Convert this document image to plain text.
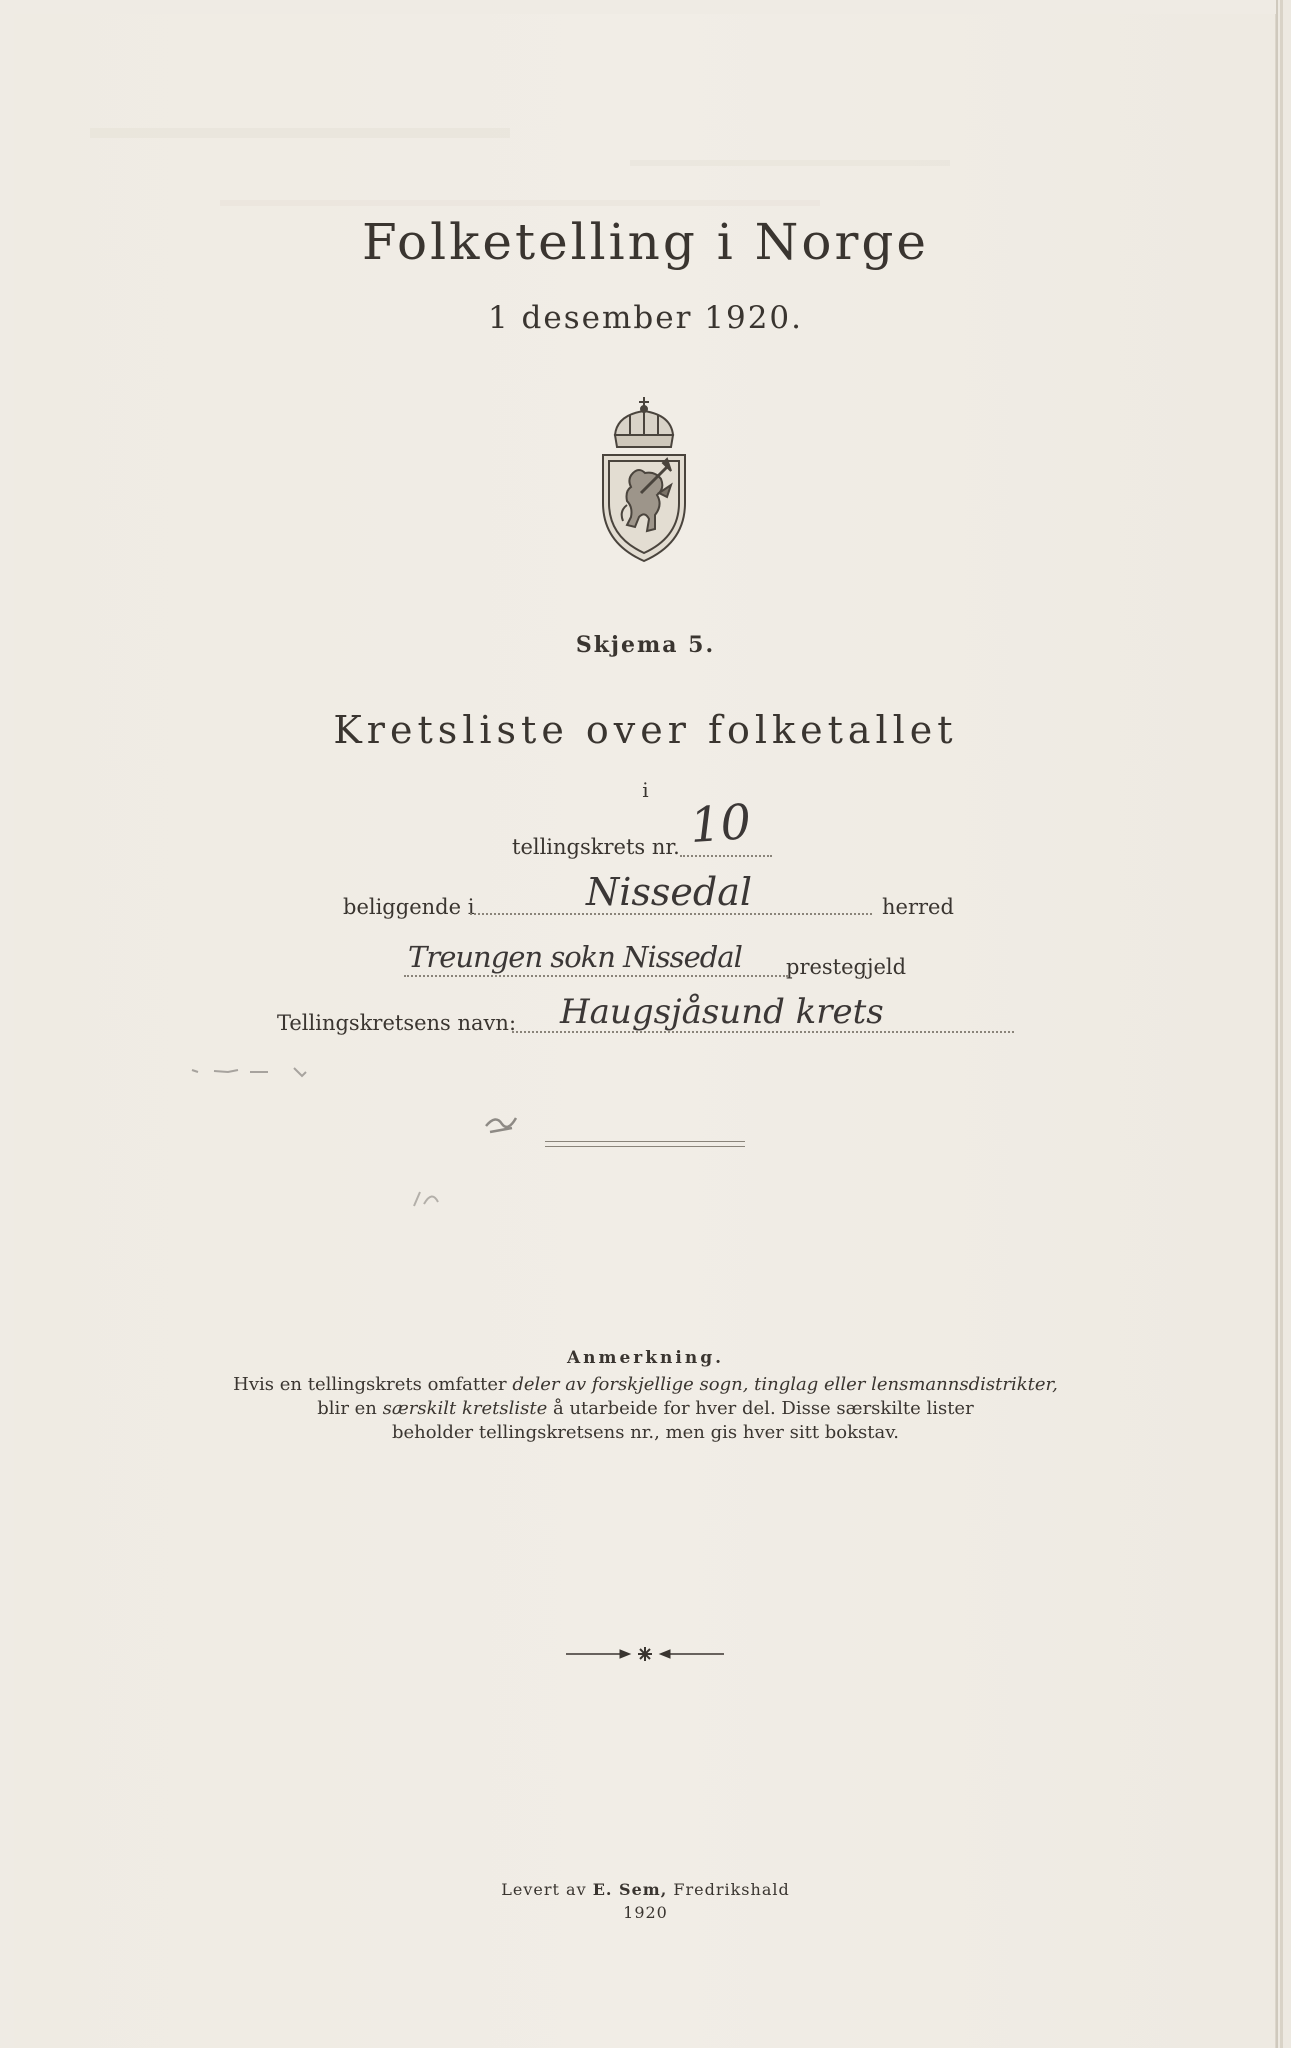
Folketelling i Norge
1 desember 1920.
Skjema 5.
Kretsliste over folketallet
i
tellingskrets nr. 10
beliggende i	Nissedal	herred
Treungen sokn Nissedal prestegjeld
Tellingskretsens navn: Haugsjåsund krets
Anmerkning.
Hvis en tellingskrets omfatter deler av forskjellige sogn, tinglag eller lensmannsdistrikter,
blir en særskilt kretsliste å utarbeide for hver del. Disse særskilte lister
beholder tellingskretsens nr., men gis hver sitt bokstav.
Levert av E. Sem, Fredrikshald
1920
